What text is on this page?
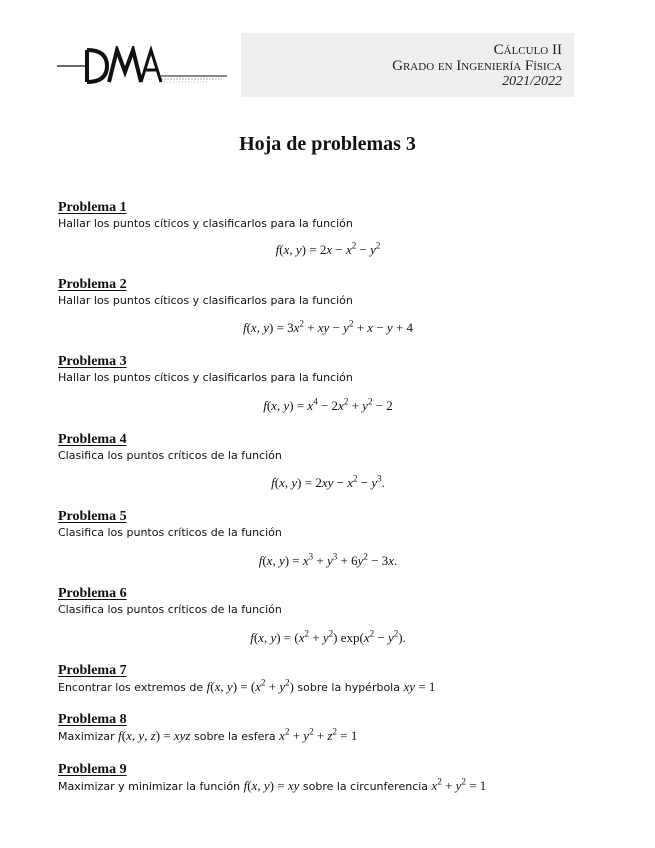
Cálculo II
Grado en Ingeniería Física
2021/2022
Hoja de problemas 3
Problema 1
Hallar los puntos cíticos y clasificarlos para la función
f(x, $y) = 2x - x^2 - y^2$
Problema 2
Hallar los puntos cíticos y clasificarlos para la función
f(x, $y) = 3x^2$ + xy − $y^2 + x - y + 4$
Problema 3
Hallar los puntos cíticos y clasificarlos para la función
f(x, $y) = x^4 - 2x^2 + y^2 - 2$
Problema 4
Clasifica los puntos críticos de la función
f(x, $y) = 2xy - x^2 - y^3$.
Problema 5
Clasifica los puntos críticos de la función
f(x, $y) = x^3 + y^3 + 6y^2 - 3x$.
Problema 6
Clasifica los puntos críticos de la función
f(x, $y) = (x^2 + y^2) \exp(x^2 - y^2)$.
Problema 7
Encontrar los extremos de f(x, $y) = (x^2 + y^2)$ sobre la hypérbola xy = 1
Problema 8
Maximizar f(x, y, z) = xyz sobre la esfera $x^2 + y^2 + z^2 = 1$
Problema 9
Maximizar y minimizar la función f(x, y) = xy sobre la circunferencia $x^2 + y^2 = 1$
